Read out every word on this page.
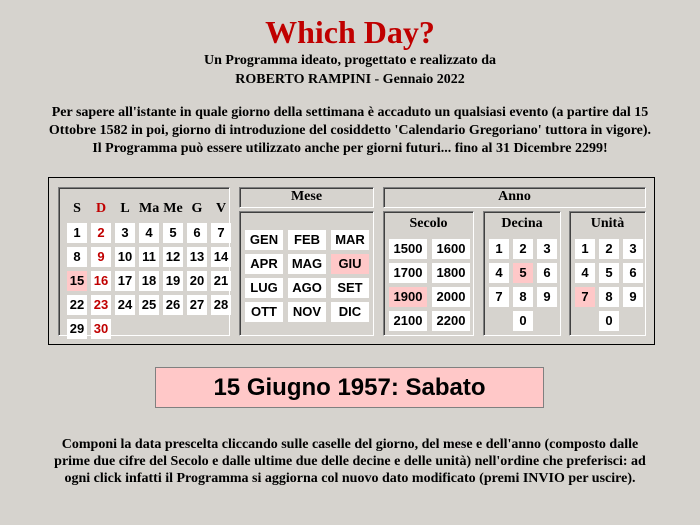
Which Day?
Un Programma ideato, progettato e realizzato da
ROBERTO RAMPINI - Gennaio 2022
Per sapere all'istante in quale giorno della settimana è accaduto un qualsiasi evento (a partire dal 15
Ottobre 1582 in poi, giorno di introduzione del cosiddetto 'Calendario Gregoriano' tuttora in vigore).
Il Programma può essere utilizzato anche per giorni futuri... fino al 31 Dicembre 2299!
S	D	L Ma Me G V
1	2	3	4	5	6	7
8	9	10 11 12 13 14
15 16 17 18 19 20 21
22 23 24 25 26 27 28
29 30
Mese
GEN	FEB	MAR
APR	MAG	GIU
LUG	AGO	SET
OTT	NOV	DIC
Anno
Secolo
1500	1600
1700	1800
1900	2000
2100	2200
Decina
1	2	3
4	5	6
7	8	9
0
Unità
1	2	3
4	5	6
7	8	9
0
15 Giugno 1957: Sabato
Componi la data prescelta cliccando sulle caselle del giorno, del mese e dell'anno (composto dalle
prime due cifre del Secolo e dalle ultime due delle decine e delle unità) nell'ordine che preferisci: ad
ogni click infatti il Programma si aggiorna col nuovo dato modificato (premi INVIO per uscire).
